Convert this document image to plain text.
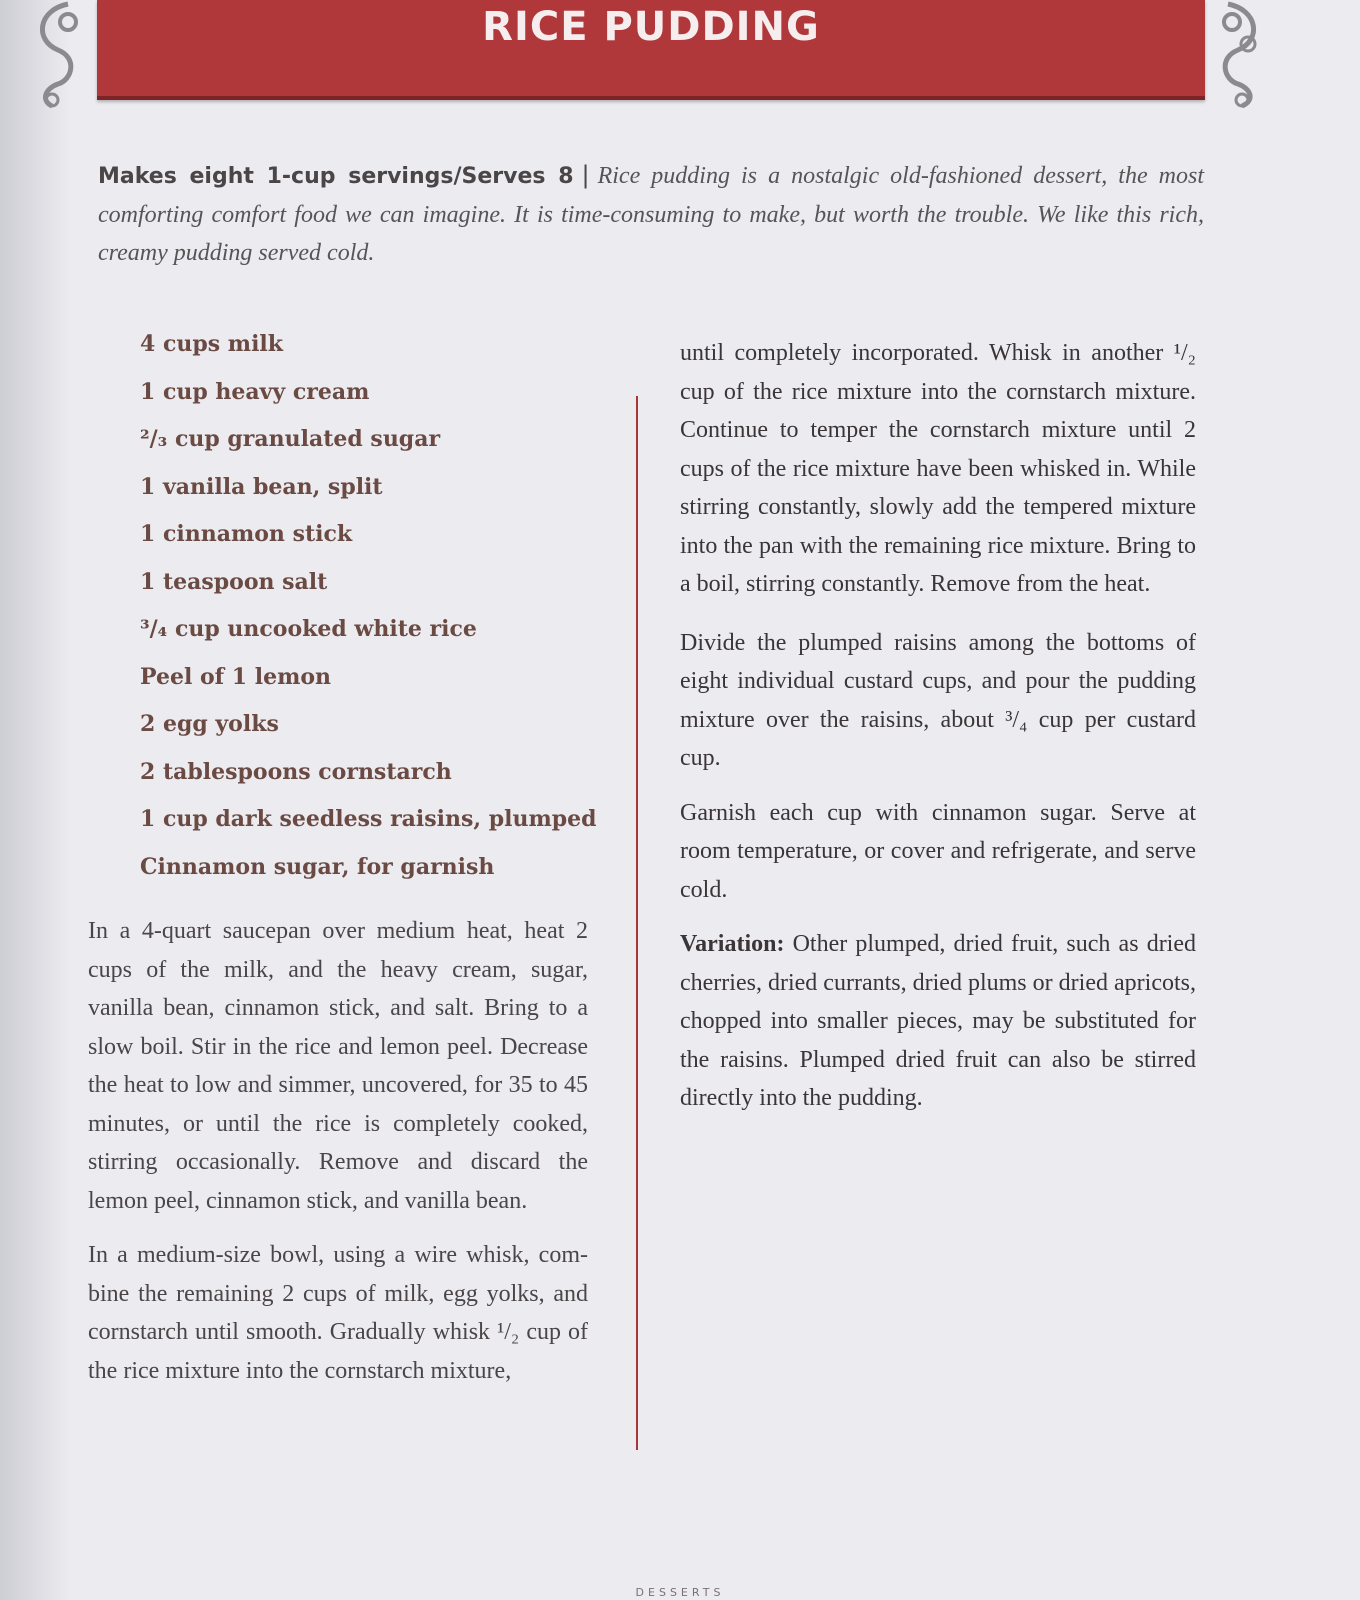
RICE PUDDING
Makes eight 1-cup servings/Serves 8 | Rice pudding is a nostalgic old-fashioned dessert, the most comforting comfort food we can imagine. It is time-consuming to make, but worth the trouble. We like this rich, creamy pudding served cold.
4 cups milk
1 cup heavy cream
²/₃ cup granulated sugar
1 vanilla bean, split
1 cinnamon stick
1 teaspoon salt
³/₄ cup uncooked white rice
Peel of 1 lemon
2 egg yolks
2 tablespoons cornstarch
1 cup dark seedless raisins, plumped
Cinnamon sugar, for garnish

In a 4-quart saucepan over medium heat, heat 2 cups of the milk, and the heavy cream, sugar, vanilla bean, cinnamon stick, and salt. Bring to a slow boil. Stir in the rice and lemon peel. Decrease the heat to low and simmer, uncovered, for 35 to 45 minutes, or until the rice is completely cooked, stirring occasionally. Remove and discard the lemon peel, cinnamon stick, and vanilla bean.

In a medium-size bowl, using a wire whisk, combine the remaining 2 cups of milk, egg yolks, and cornstarch until smooth. Gradually whisk ¹/₂ cup of the rice mixture into the cornstarch mixture,

until completely incorporated. Whisk in another ¹/₂ cup of the rice mixture into the cornstarch mixture. Continue to temper the cornstarch mixture until 2 cups of the rice mixture have been whisked in. While stirring constantly, slowly add the tempered mixture into the pan with the remaining rice mixture. Bring to a boil, stirring constantly. Remove from the heat.

Divide the plumped raisins among the bottoms of eight individual custard cups, and pour the pudding mixture over the raisins, about ³/₄ cup per custard cup.

Garnish each cup with cinnamon sugar. Serve at room temperature, or cover and refrigerate, and serve cold.

Variation: Other plumped, dried fruit, such as dried cherries, dried currants, dried plums or dried apricots, chopped into smaller pieces, may be substituted for the raisins. Plumped dried fruit can also be stirred directly into the pudding.

DESSERTS
